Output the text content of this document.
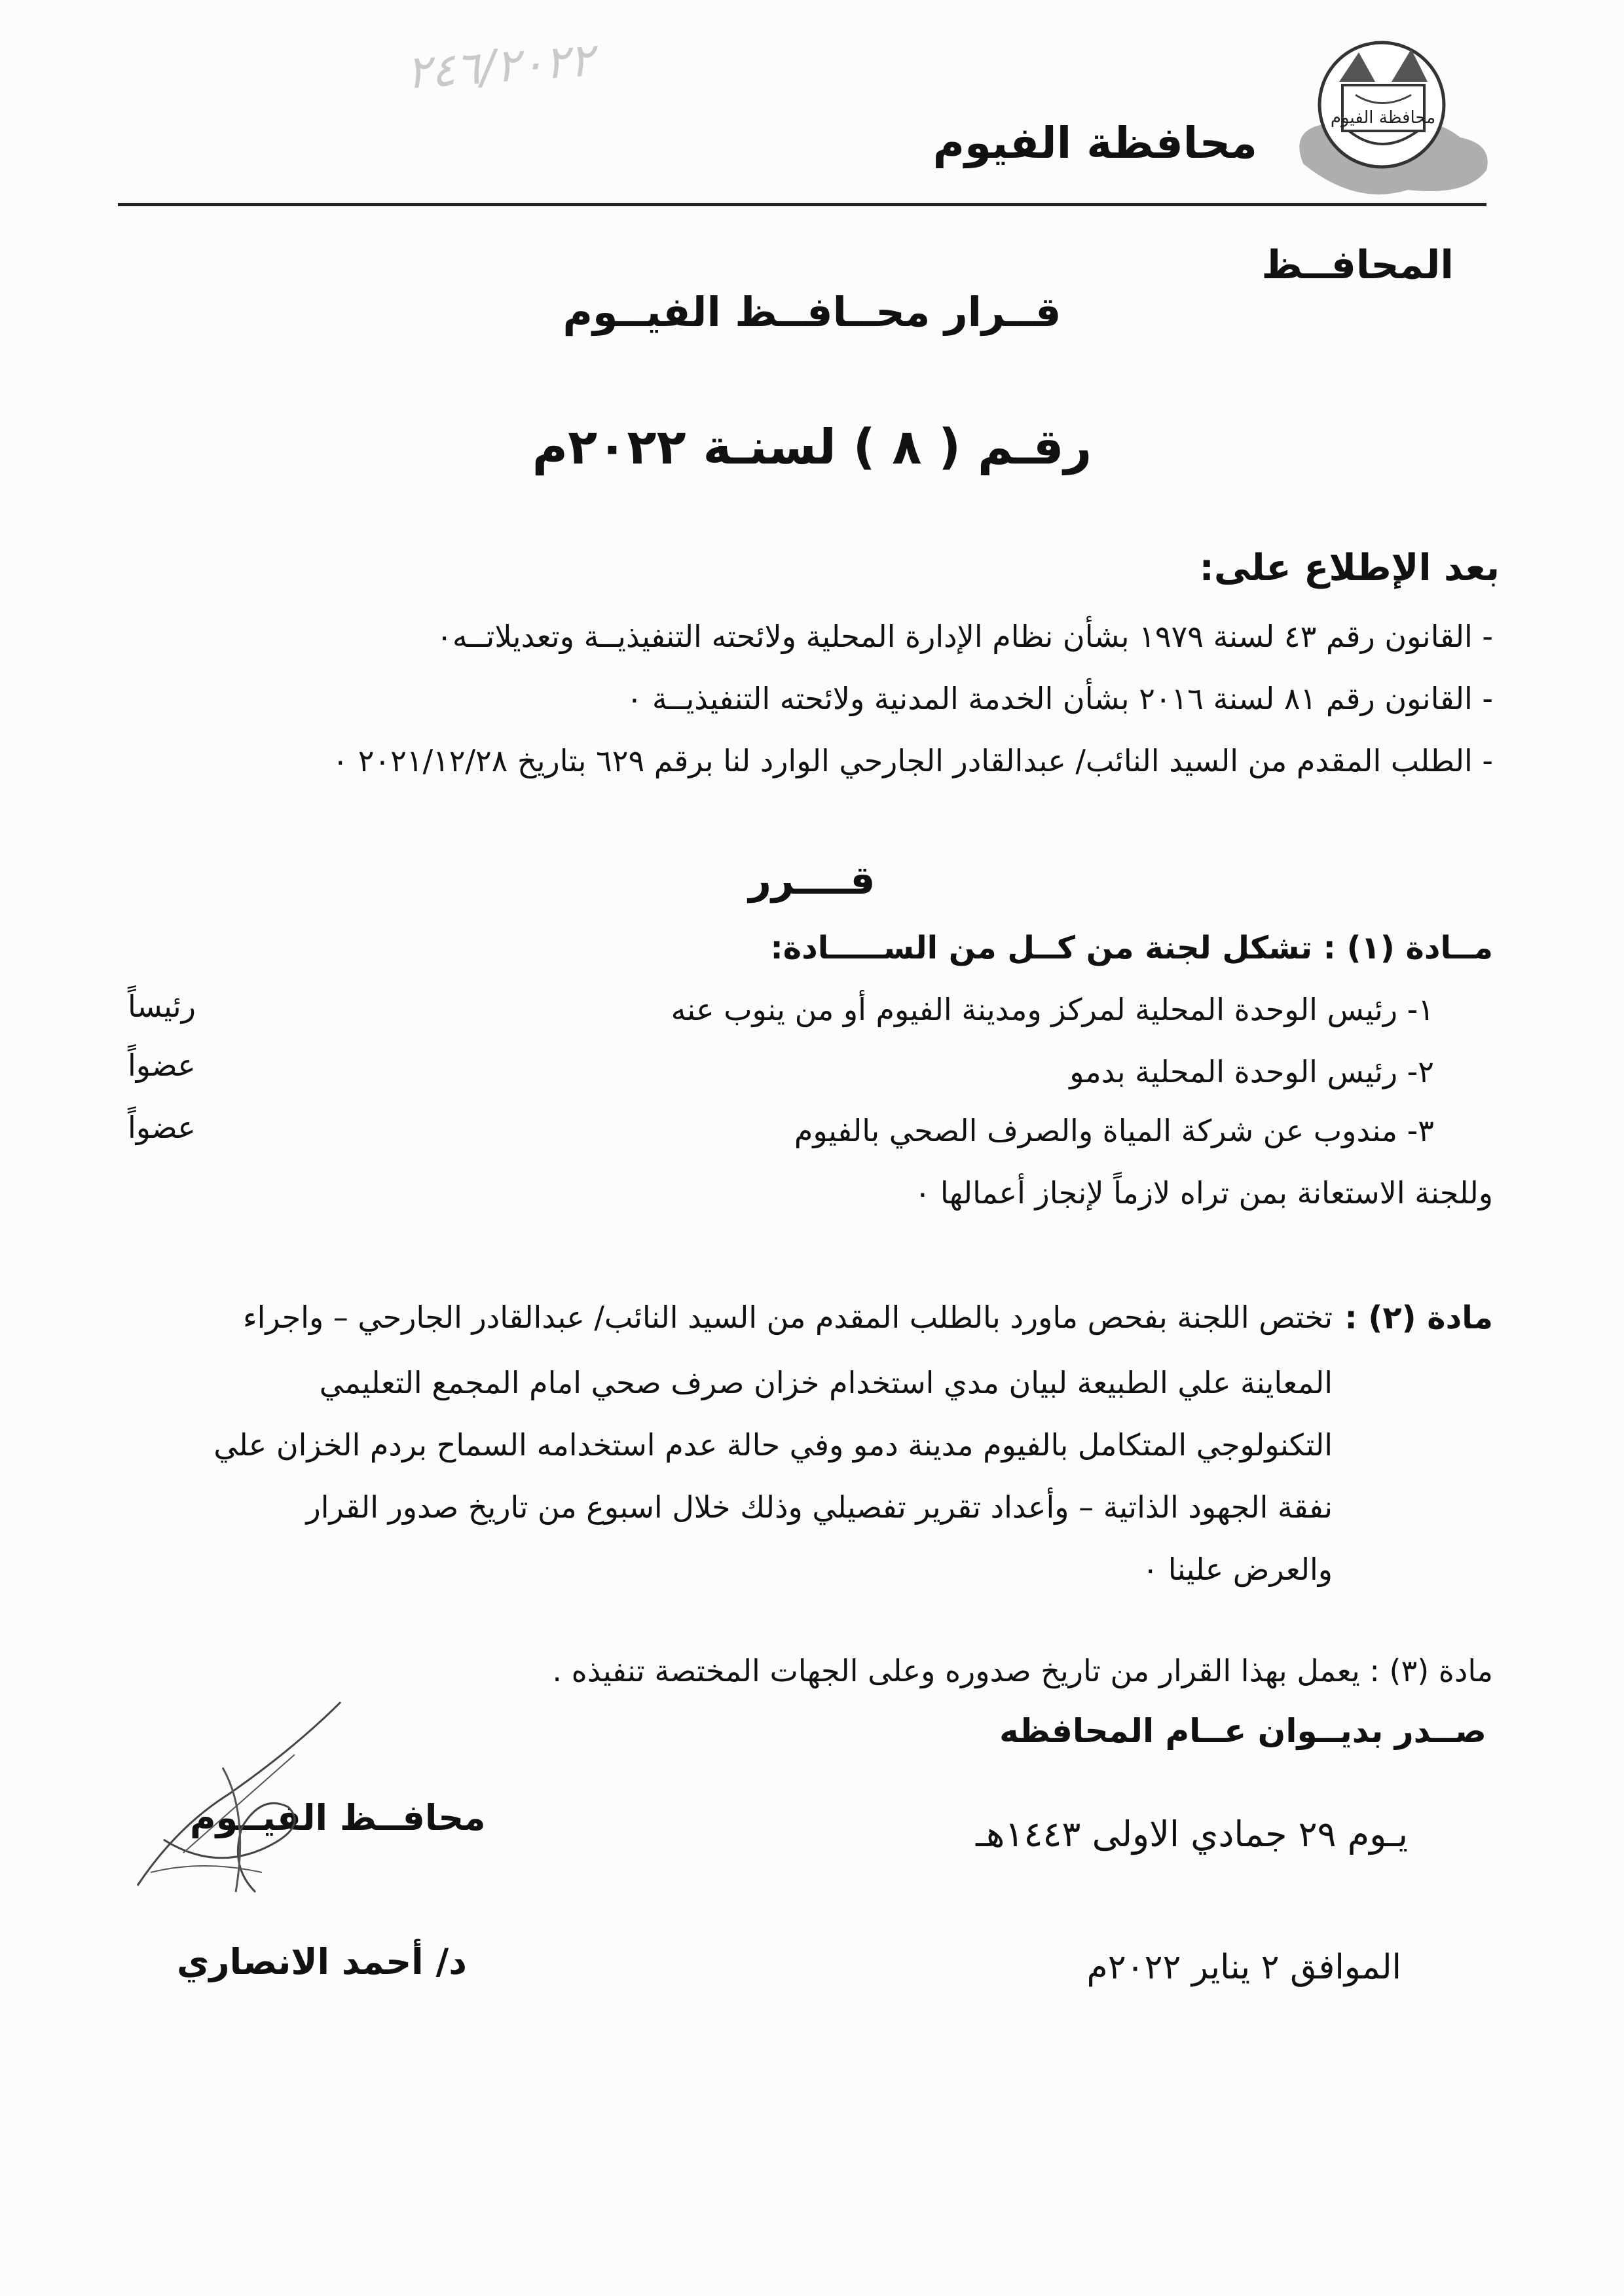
٢٤٦/٢٠٢٢
محافظة الفيوم
محافظة الفيوم
المحافــظ
قــرار محــافــظ الفيــوم
رقـم ( ٨ ) لسنـة ٢٠٢٢م
بعد الإطلاع على:
- القانون رقم ٤٣ لسنة ١٩٧٩ بشأن نظام الإدارة المحلية ولائحته التنفيذيــة وتعديلاتــه٠
- القانون رقم ٨١ لسنة ٢٠١٦ بشأن الخدمة المدنية ولائحته التنفيذيــة ٠
- الطلب المقدم من السيد النائب/ عبدالقادر الجارحي الوارد لنا برقم ٦٢٩ بتاريخ ٢٠٢١/١٢/٢٨ ٠
قــــرر
مــادة (١) : تشكل لجنة من كــل من الســـــادة:
١- رئيس الوحدة المحلية لمركز ومدينة الفيوم أو من ينوب عنه
رئيساً
٢- رئيس الوحدة المحلية بدمو
عضواً
٣- مندوب عن شركة المياة والصرف الصحي بالفيوم
عضواً
وللجنة الاستعانة بمن تراه لازماً لإنجاز أعمالها ٠
مادة (٢) :
تختص اللجنة بفحص ماورد بالطلب المقدم من السيد النائب/ عبدالقادر الجارحي – واجراء
المعاينة علي الطبيعة لبيان مدي استخدام خزان صرف صحي امام المجمع التعليمي
التكنولوجي المتكامل بالفيوم مدينة دمو وفي حالة عدم استخدامه السماح بردم الخزان علي
نفقة الجهود الذاتية – وأعداد تقرير تفصيلي وذلك خلال اسبوع من تاريخ صدور القرار
والعرض علينا ٠
مادة (٣) : يعمل بهذا القرار من تاريخ صدوره وعلى الجهات المختصة تنفيذه .
صــدر بديــوان عــام المحافظه
يـوم ٢٩ جمادي الاولى ١٤٤٣هـ
الموافق ٢ يناير ٢٠٢٢م
محافــظ الفيــوم
د/ أحمد الانصاري
